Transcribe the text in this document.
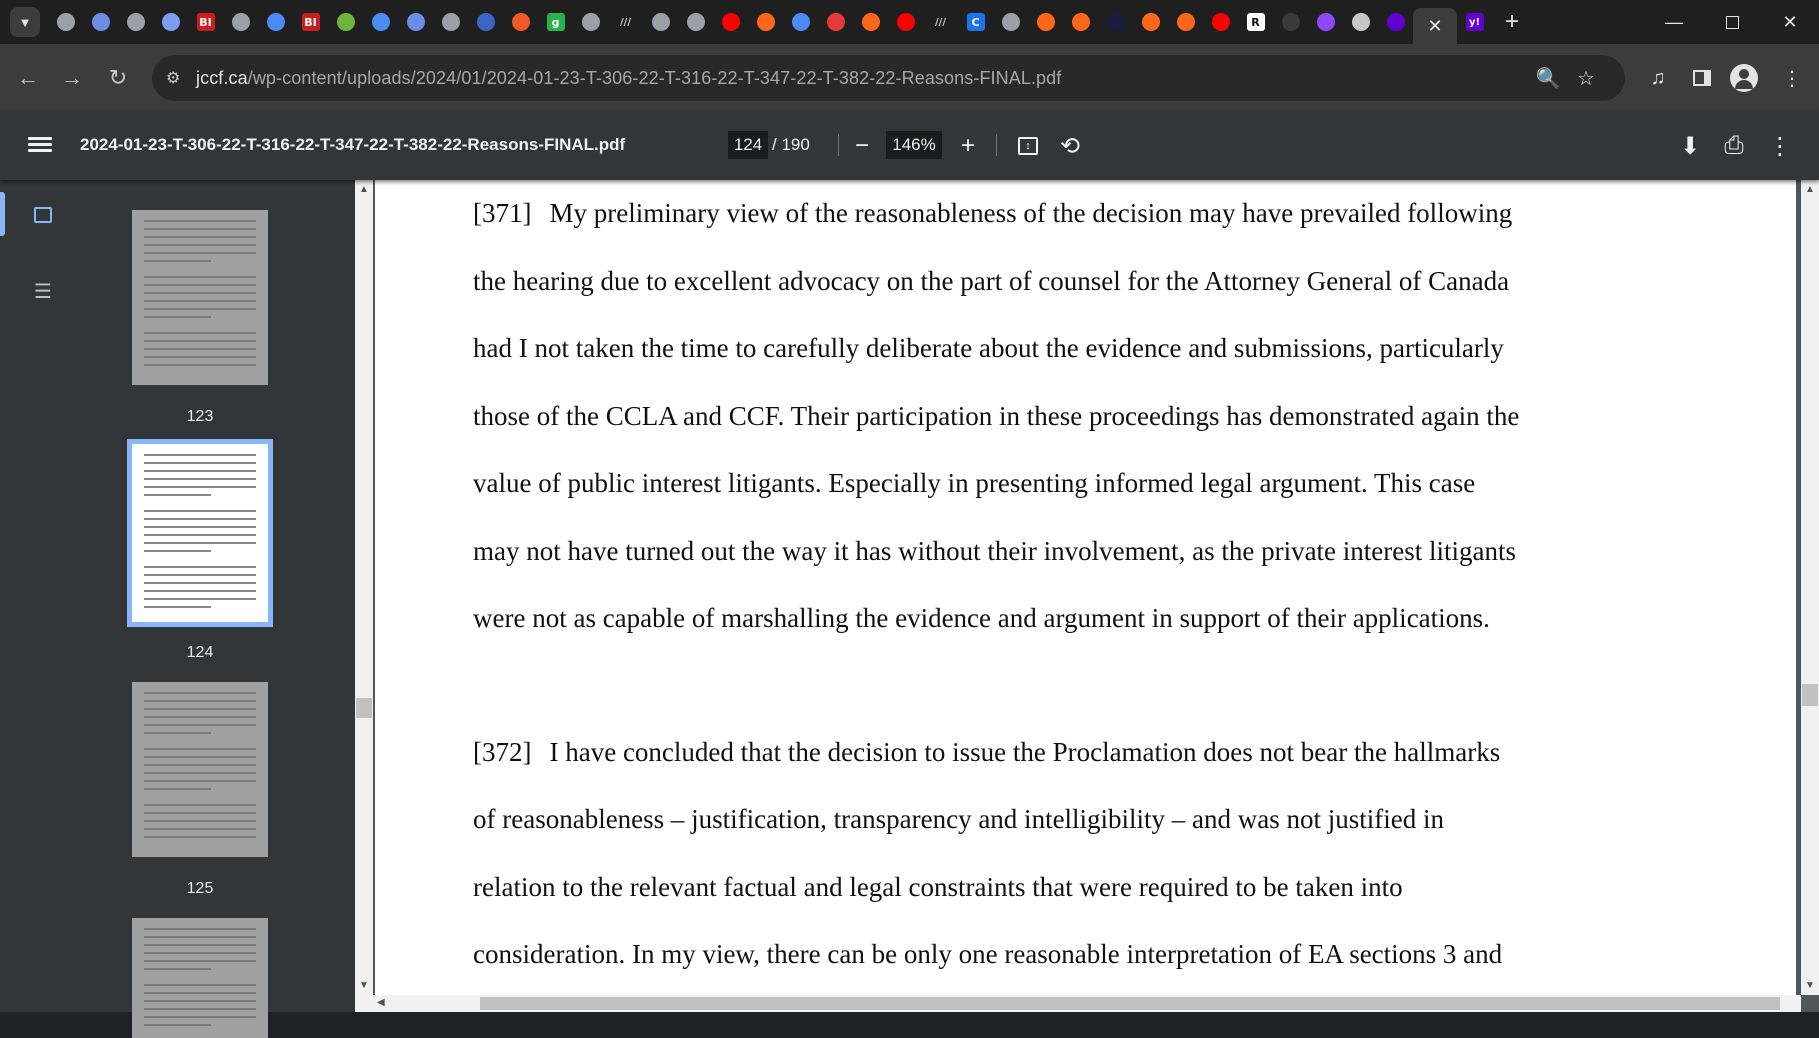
▼	BI	BI	g	///	///	C	R	✕	y!	+	—	✕
← → ↻ ⚙ jccf.ca/wp-content/uploads/2024/01/2024-01-23-T-306-22-T-316-22-T-347-22-T-382-22-Reasons-FINAL.pdf	🔍 ☆	♫	⋮
2024-01-23-T-306-22-T-316-22-T-347-22-T-382-22-Reasons-FINAL.pdf	124 / 190 −	146% +	↕	⟲	⬇ ⎙ ⋮
☰
123
124
125
▲
▼

[371] My preliminary view of the reasonableness of the decision may have prevailed following

the hearing due to excellent advocacy on the part of counsel for the Attorney General of Canada

had I not taken the time to carefully deliberate about the evidence and submissions, particularly

those of the CCLA and CCF. Their participation in these proceedings has demonstrated again the

value of public interest litigants. Especially in presenting informed legal argument. This case

may not have turned out the way it has without their involvement, as the private interest litigants

were not as capable of marshalling the evidence and argument in support of their applications.

[372] I have concluded that the decision to issue the Proclamation does not bear the hallmarks

of reasonableness – justification, transparency and intelligibility – and was not justified in

relation to the relevant factual and legal constraints that were required to be taken into

consideration. In my view, there can be only one reasonable interpretation of EA sections 3 and

▲
▼
◀
